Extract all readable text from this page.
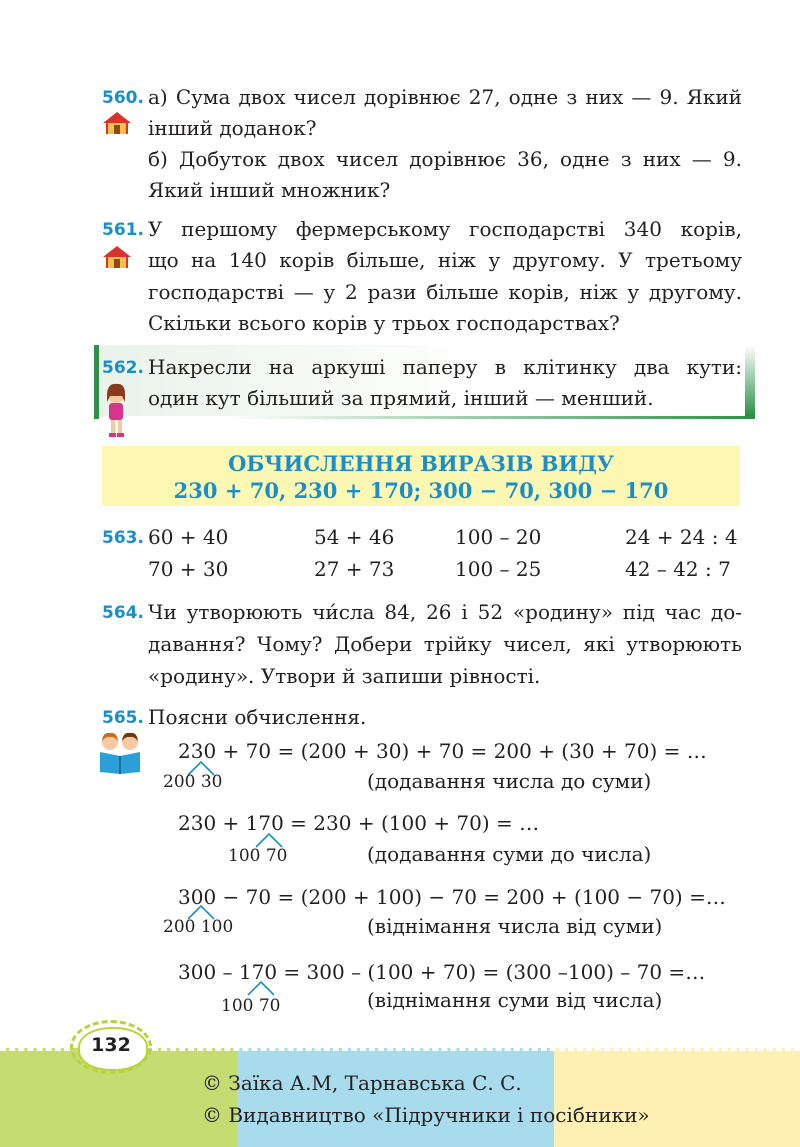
560. а) Сума двох чисел дорівнює 27, одне з них — 9. Який
інший доданок?
б) Добуток двох чисел дорівнює 36, одне з них — 9.
Який інший множник?
561. У першому фермерському господарстві 340 корів,
що на 140 корів більше, ніж у другому. У третьому
господарстві — у 2 рази більше корів, ніж у другому.
Скільки всього корів у трьох господарствах?
562. Накресли на аркуші паперу в клітинку два кути:
один кут більший за прямий, інший — менший.
ОБЧИСЛЕННЯ ВИРАЗІВ ВИДУ
230 + 70, 230 + 170; 300 − 70, 300 − 170
563. 60 + 40	54 + 46	100 – 20	24 + 24 : 4
70 + 30	27 + 73	100 – 25	42 – 42 : 7
564. Чи утворюють чи́сла 84, 26 і 52 «родину» під час до-
давання? Чому? Добери трійку чисел, які утворюють
«родину». Утвори й запиши рівності.
565. Поясни обчислення.
230 + 70 = (200 + 30) + 70 = 200 + (30 + 70) = …
200 30	(додавання числа до суми)
230 + 170 = 230 + (100 + 70) = …
100 70	(додавання суми до числа)
300 − 70 = (200 + 100) − 70 = 200 + (100 − 70) =…
200 100	(віднімання числа від суми)
300 – 170 = 300 – (100 + 70) = (300 –100) – 70 =…
100 70	(віднімання суми від числа)
132
© Заїка А.М, Тарнавська С. С.
© Видавництво «Підручники і посібники»
